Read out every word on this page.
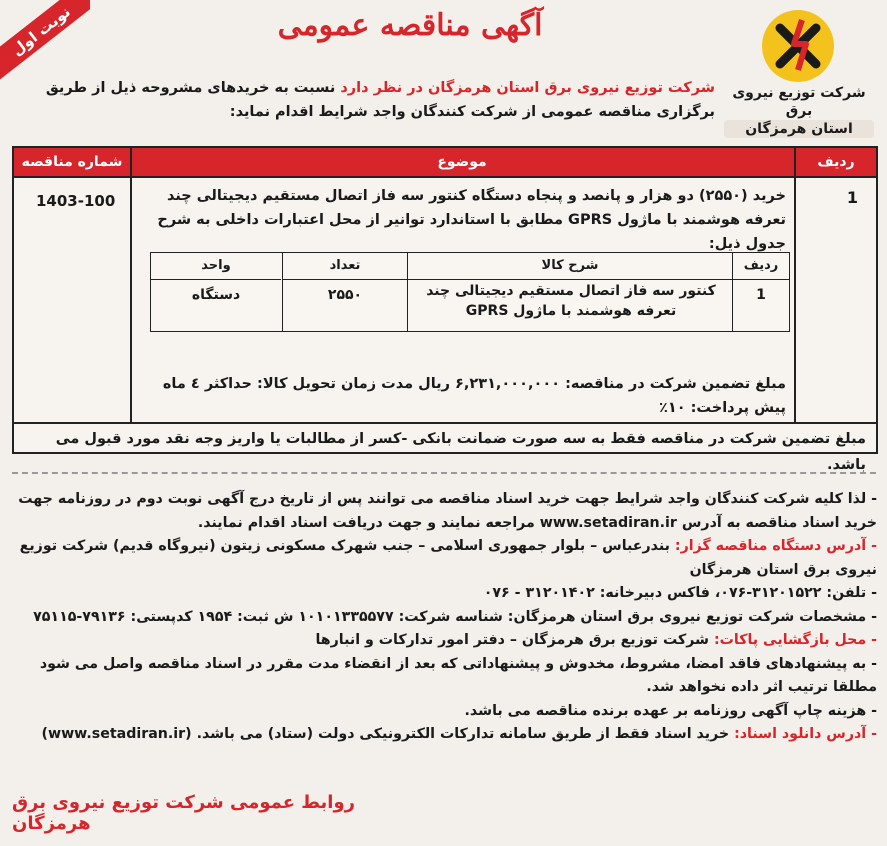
نوبت اول
شرکت توزیع نیروی برق
استان هرمزگان
آگهی مناقصه عمومی
شرکت توزیع نیروی برق استان هرمزگان در نظر دارد نسبت به خریدهای مشروحه ذیل از طریق
برگزاری مناقصه عمومی از شرکت کنندگان واجد شرایط اقدام نماید:
ردیف
موضوع
شماره مناقصه
1
1403-100	خرید (۲۵۵۰) دو هزار و پانصد و پنجاه دستگاه کنتور سه فاز اتصال مستقیم دیجیتالی چند تعرفه هوشمند با ماژول GPRS مطابق با استاندارد توانیر از محل اعتبارات داخلی به شرح جدول ذیل:
ردیف
شرح کالا
تعداد
واحد
1
کنتور سه فاز اتصال مستقیم دیجیتالی چند تعرفه هوشمند با ماژول GPRS
۲۵۵۰
دستگاه
مبلغ تضمین شرکت در مناقصه: ۶,۲۳۱,۰۰۰,۰۰۰ ریال مدت زمان تحویل کالا: حداکثر ٤ ماه
پیش پرداخت: ۱۰٪
مبلغ تضمین شرکت در مناقصه فقط به سه صورت ضمانت بانکی -کسر از مطالبات یا واریز وجه نقد مورد قبول می باشد.

- لذا کلیه شرکت کنندگان واجد شرایط جهت خرید اسناد مناقصه می توانند پس از تاریخ درج آگهی نوبت دوم در روزنامه جهت خرید اسناد مناقصه به آدرس www.setadiran.ir مراجعه نمایند و جهت دریافت اسناد اقدام نمایند.

- آدرس دستگاه مناقصه گزار: بندرعباس – بلوار جمهوری اسلامی – جنب شهرک مسکونی زیتون (نیروگاه قدیم) شرکت توزیع نیروی برق استان هرمزگان

- تلفن: ۳۱۲۰۱۵۲۲-۰۷۶، فاکس دبیرخانه: ۳۱۲۰۱۴۰۲ - ۰۷۶

- مشخصات شرکت توزیع نیروی برق استان هرمزگان: شناسه شرکت: ۱۰۱۰۱۳۳۵۵۷۷ ش ثبت: ۱۹۵۴ کدپستی: ۷۹۱۳۶-۷۵۱۱۵

- محل بازگشایی پاکات: شرکت توزیع برق هرمزگان – دفتر امور تدارکات و انبارها

- به پیشنهادهای فاقد امضا، مشروط، مخدوش و پیشنهاداتی که بعد از انقضاء مدت مقرر در اسناد مناقصه واصل می شود مطلقا ترتیب اثر داده نخواهد شد.

- هزینه چاپ آگهی روزنامه بر عهده برنده مناقصه می باشد.

- آدرس دانلود اسناد: خرید اسناد فقط از طریق سامانه تدارکات الکترونیکی دولت (ستاد) می باشد. (www.setadiran.ir)

روابط عمومی شرکت توزیع نیروی برق هرمزگان
